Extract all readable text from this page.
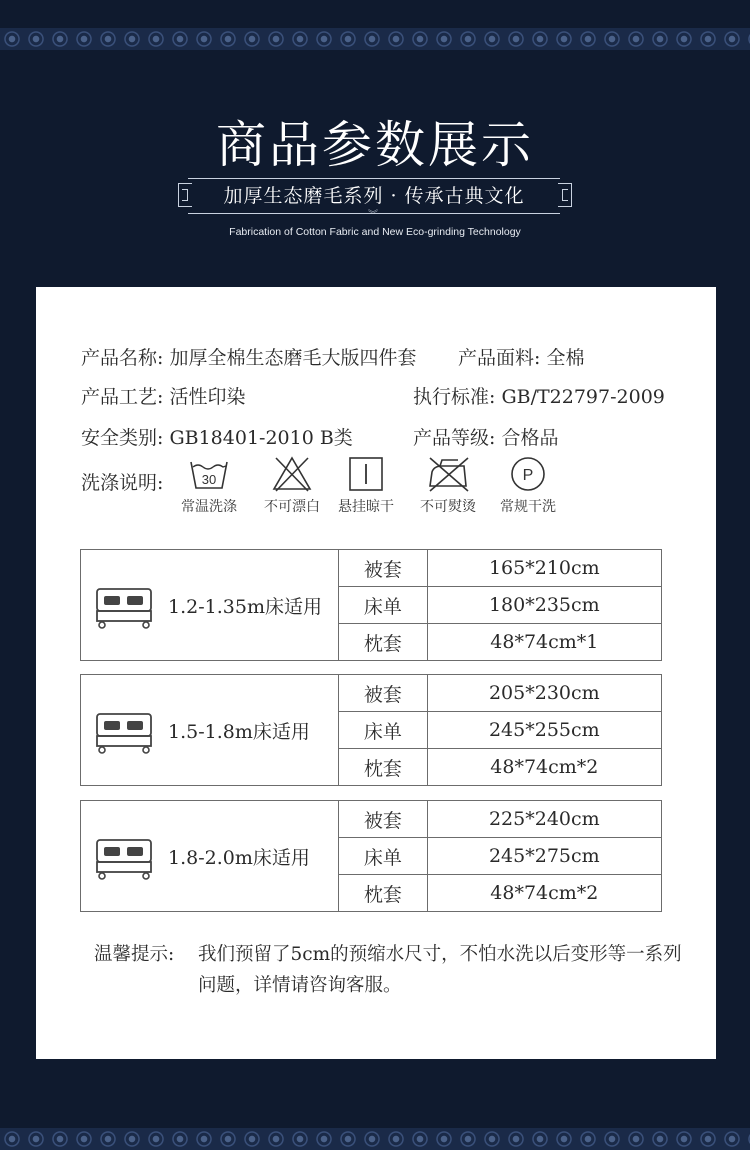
商品参数展示
加厚生态磨毛系列 · 传承古典文化
︾
Fabrication of Cotton Fabric and New Eco-grinding Technology
产品名称: 加厚全棉生态磨毛大版四件套 产品面料: 全棉
产品工艺: 活性印染	执行标准: GB/T22797-2009
安全类别: GB18401-2010 B类	产品等级: 合格品
洗涤说明:	30
常温洗涤	不可漂白	悬挂晾干	不可熨烫
P
常规干洗
1.2-1.35m床适用
被套	165*210cm
床单	180*235cm
枕套	48*74cm*1
1.5-1.8m床适用
被套	205*230cm
床单	245*255cm
枕套	48*74cm*2
1.8-2.0m床适用
被套	225*240cm
床单	245*275cm
枕套	48*74cm*2
温馨提示: 我们预留了5cm的预缩水尺寸，不怕水洗以后变形等一系列问题，详情请咨询客服。
